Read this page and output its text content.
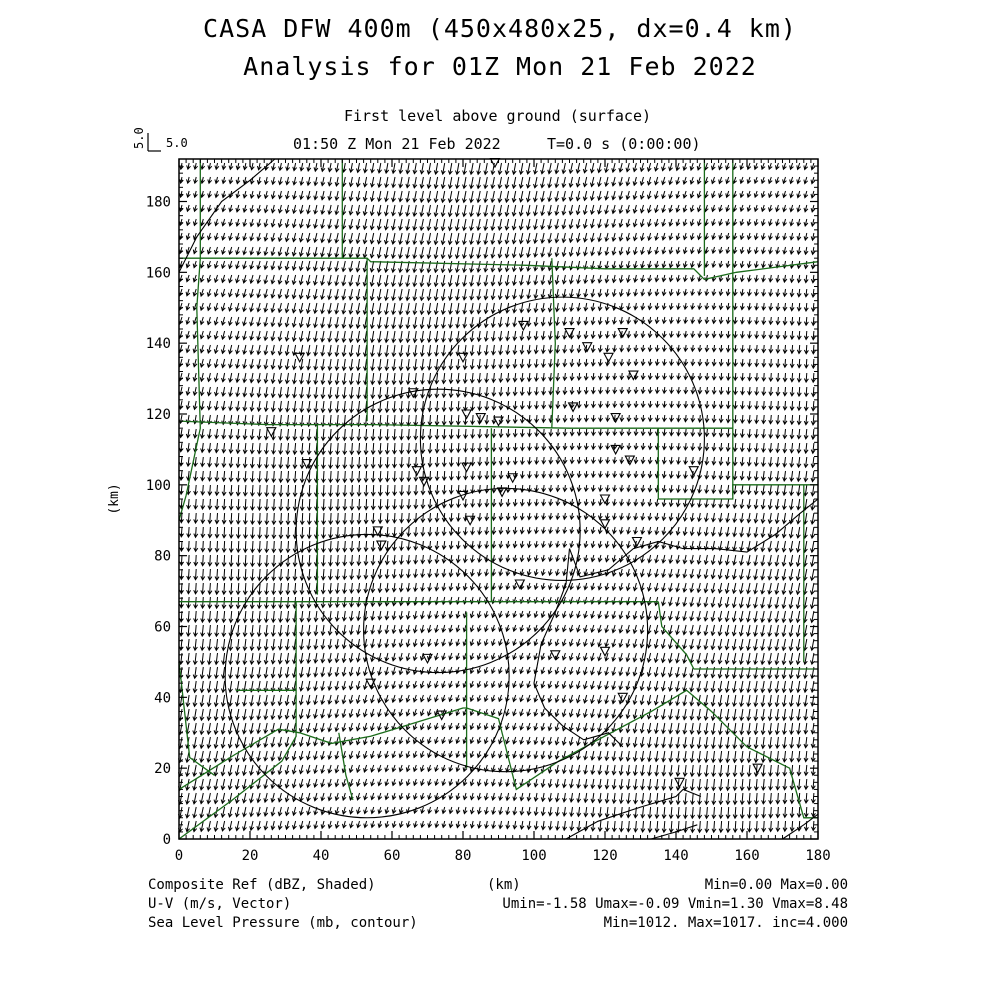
CASA DFW 400m (450x480x25, dx=0.4 km)
Analysis for 01Z Mon 21 Feb 2022
First level above ground (surface)
01:50 Z Mon 21 Feb 2022	T=0.0 s (0:00:00)
5.0 5.0
0	20	40	60	80	100	120	140	160	180
0
20
40
60
80
100
120
140
160
180
(km)
(km)
Composite Ref (dBZ, Shaded)
U-V (m/s, Vector)
Sea Level Pressure (mb, contour)
Min=0.00 Max=0.00
Umin=-1.58 Umax=-0.09 Vmin=1.30 Vmax=8.48
Min=1012. Max=1017. inc=4.000
